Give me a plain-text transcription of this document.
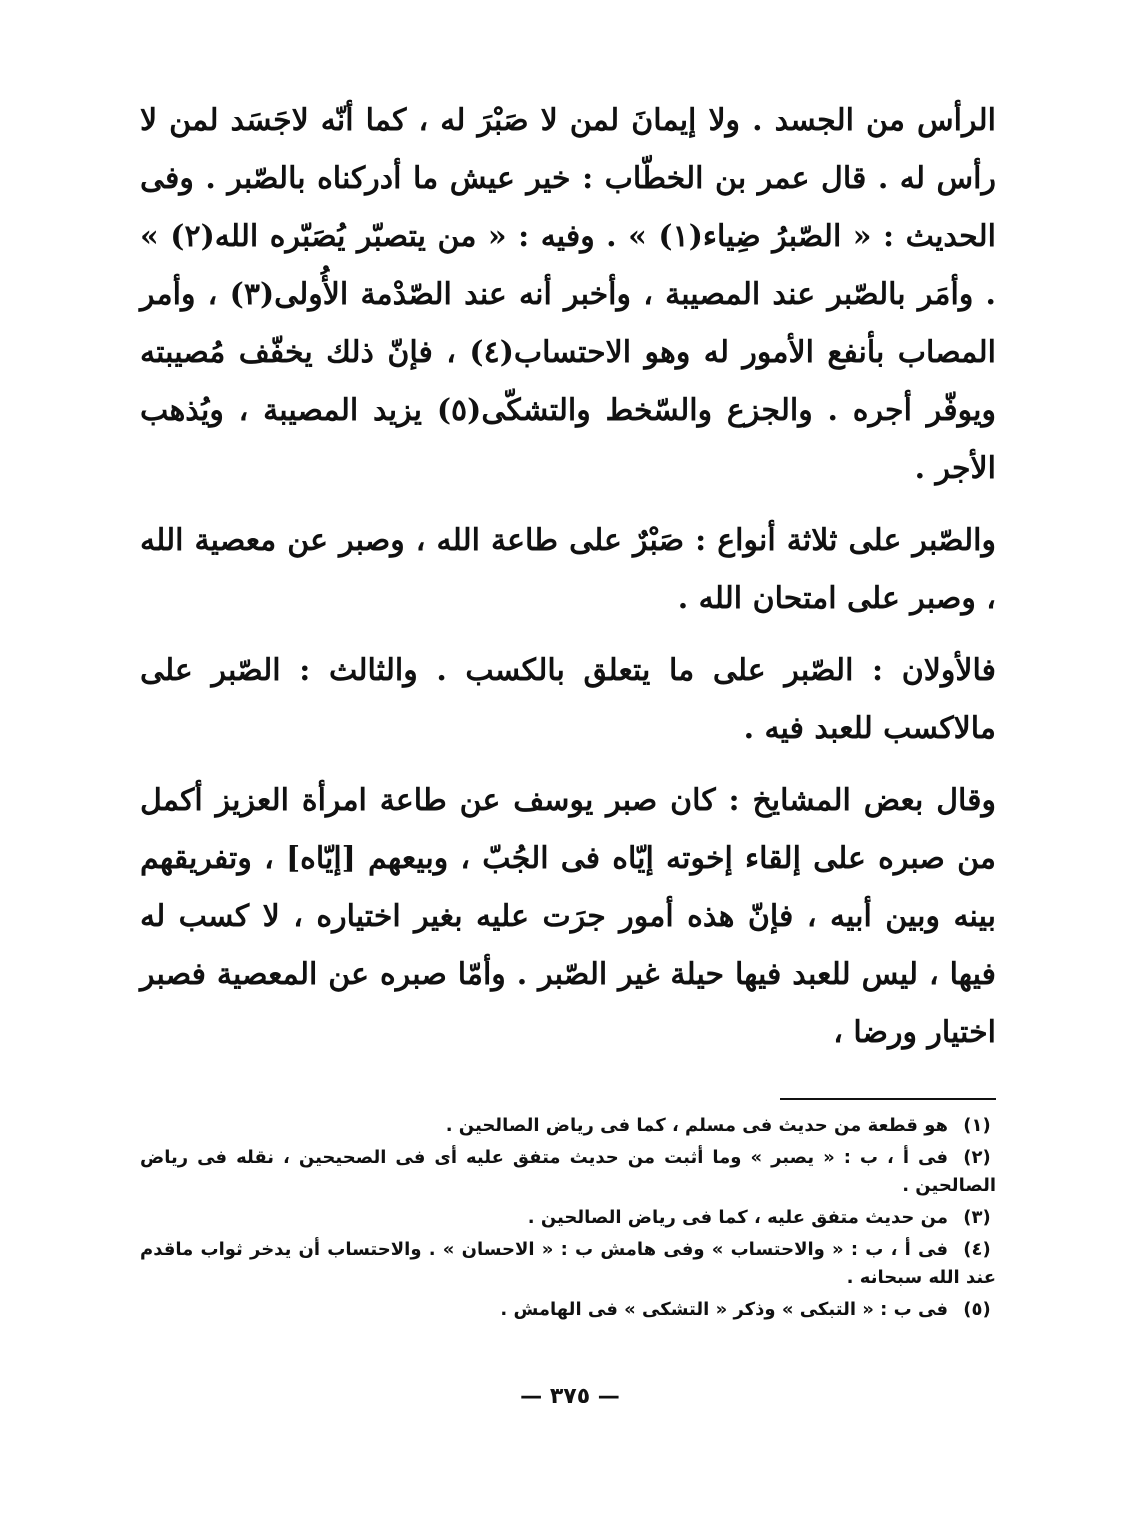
الرأس من الجسد . ولا إيمانَ لمن لا صَبْرَ له ، كما أنّه لاجَسَد لمن لا رأس له . قال عمر بن الخطّاب : خير عيش ما أدركناه بالصّبر . وفى الحديث : « الصّبرُ ضِياء(١) » . وفيه : « من يتصبّر يُصَبّره الله(٢) » . وأمَر بالصّبر عند المصيبة ، وأخبر أنه عند الصّدْمة الأُولى(٣) ، وأمر المصاب بأنفع الأمور له وهو الاحتساب(٤) ، فإنّ ذلك يخفّف مُصيبته ويوفّر أجره . والجزع والسّخط والتشكّى(٥) يزيد المصيبة ، ويُذهب الأجر .

والصّبر على ثلاثة أنواع : صَبْرٌ على طاعة الله ، وصبر عن معصية الله ، وصبر على امتحان الله .

فالأولان : الصّبر على ما يتعلق بالكسب . والثالث : الصّبر على مالاكسب للعبد فيه .

وقال بعض المشايخ : كان صبر يوسف عن طاعة امرأة العزيز أكمل من صبره على إلقاء إخوته إيّاه فى الجُبّ ، وبيعهم [إيّاه] ، وتفريقهم بينه وبين أبيه ، فإنّ هذه أمور جرَت عليه بغير اختياره ، لا كسب له فيها ، ليس للعبد فيها حيلة غير الصّبر . وأمّا صبره عن المعصية فصبر اختيار ورضا ،

(١)هو قطعة من حديث فى مسلم ، كما فى رياض الصالحين .

(٢)فى أ ، ب : « يصبر » وما أثبت من حديث متفق عليه أى فى الصحيحين ، نقله فى رياض الصالحين .

(٣)من حديث متفق عليه ، كما فى رياض الصالحين .

(٤)فى أ ، ب : « والاحتساب » وفى هامش ب : « الاحسان » . والاحتساب أن يدخر ثواب ماقدم عند الله سبحانه .

(٥)فى ب : « التبكى » وذكر « التشكى » فى الهامش .

— ٣٧٥ —
